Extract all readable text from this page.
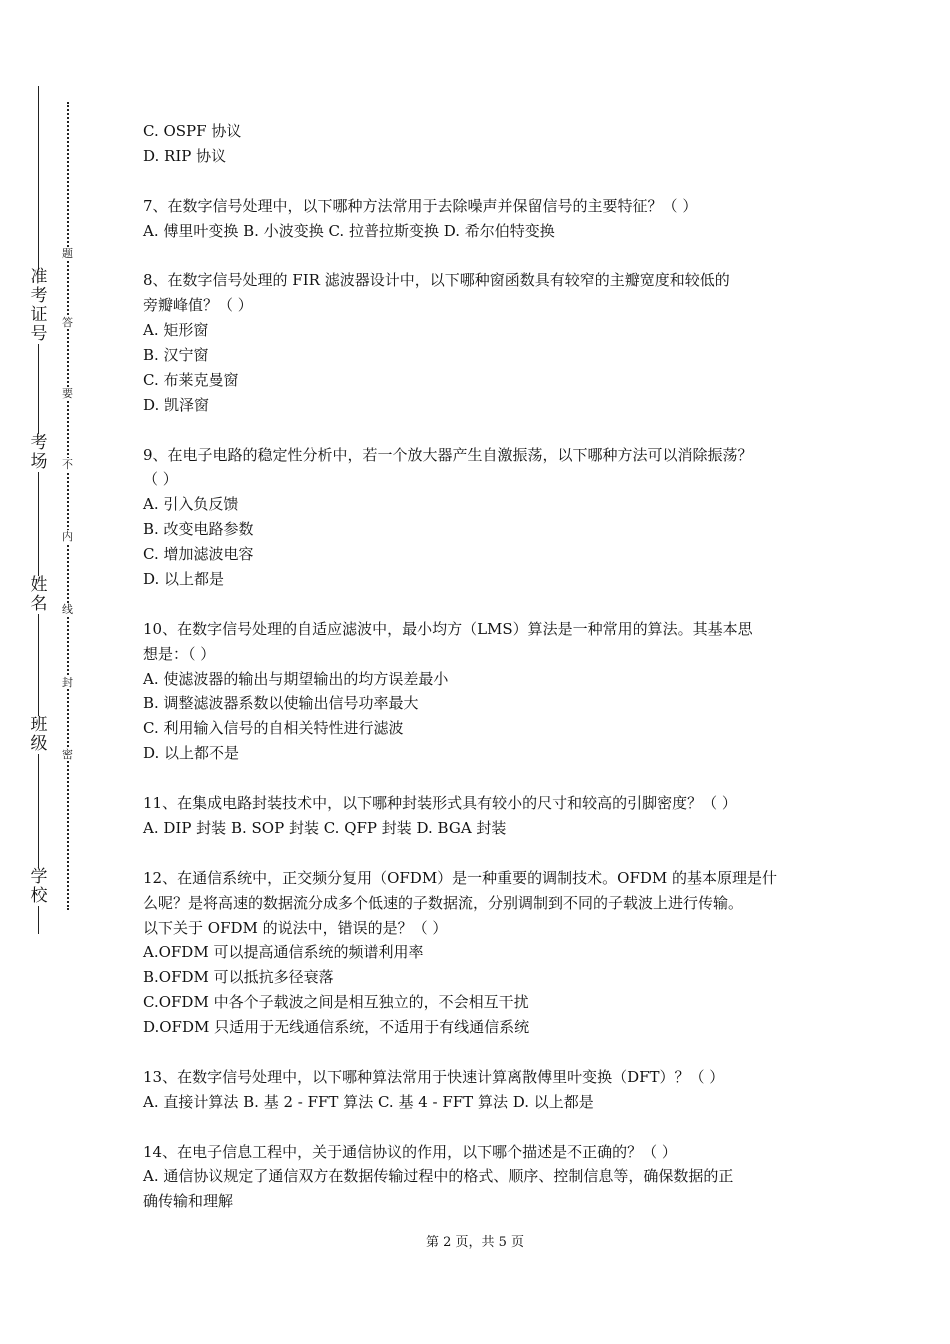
准考证号
考场
姓名
班级
学校
题
答
要
不
内
线
封
密
C. OSPF 协议
D. RIP 协议
7、在数字信号处理中，以下哪种方法常用于去除噪声并保留信号的主要特征？（ ）
A. 傅里叶变换 B. 小波变换 C. 拉普拉斯变换 D. 希尔伯特变换
8、在数字信号处理的 FIR 滤波器设计中，以下哪种窗函数具有较窄的主瓣宽度和较低的
旁瓣峰值？（ ）
A. 矩形窗
B. 汉宁窗
C. 布莱克曼窗
D. 凯泽窗
9、在电子电路的稳定性分析中，若一个放大器产生自激振荡，以下哪种方法可以消除振荡？
（ ）
A. 引入负反馈
B. 改变电路参数
C. 增加滤波电容
D. 以上都是
10、在数字信号处理的自适应滤波中，最小均方（LMS）算法是一种常用的算法。其基本思
想是：（ ）
A. 使滤波器的输出与期望输出的均方误差最小
B. 调整滤波器系数以使输出信号功率最大
C. 利用输入信号的自相关特性进行滤波
D. 以上都不是
11、在集成电路封装技术中，以下哪种封装形式具有较小的尺寸和较高的引脚密度？（ ）
A. DIP 封装 B. SOP 封装 C. QFP 封装 D. BGA 封装
12、在通信系统中，正交频分复用（OFDM）是一种重要的调制技术。OFDM 的基本原理是什
么呢？是将高速的数据流分成多个低速的子数据流，分别调制到不同的子载波上进行传输。
以下关于 OFDM 的说法中，错误的是？（ ）
A.OFDM 可以提高通信系统的频谱利用率
B.OFDM 可以抵抗多径衰落
C.OFDM 中各个子载波之间是相互独立的，不会相互干扰
D.OFDM 只适用于无线通信系统，不适用于有线通信系统
13、在数字信号处理中，以下哪种算法常用于快速计算离散傅里叶变换（DFT）？（ ）
A. 直接计算法 B. 基 2 - FFT 算法 C. 基 4 - FFT 算法 D. 以上都是
14、在电子信息工程中，关于通信协议的作用，以下哪个描述是不正确的？（ ）
A. 通信协议规定了通信双方在数据传输过程中的格式、顺序、控制信息等，确保数据的正
确传输和理解
第 2 页，共 5 页
